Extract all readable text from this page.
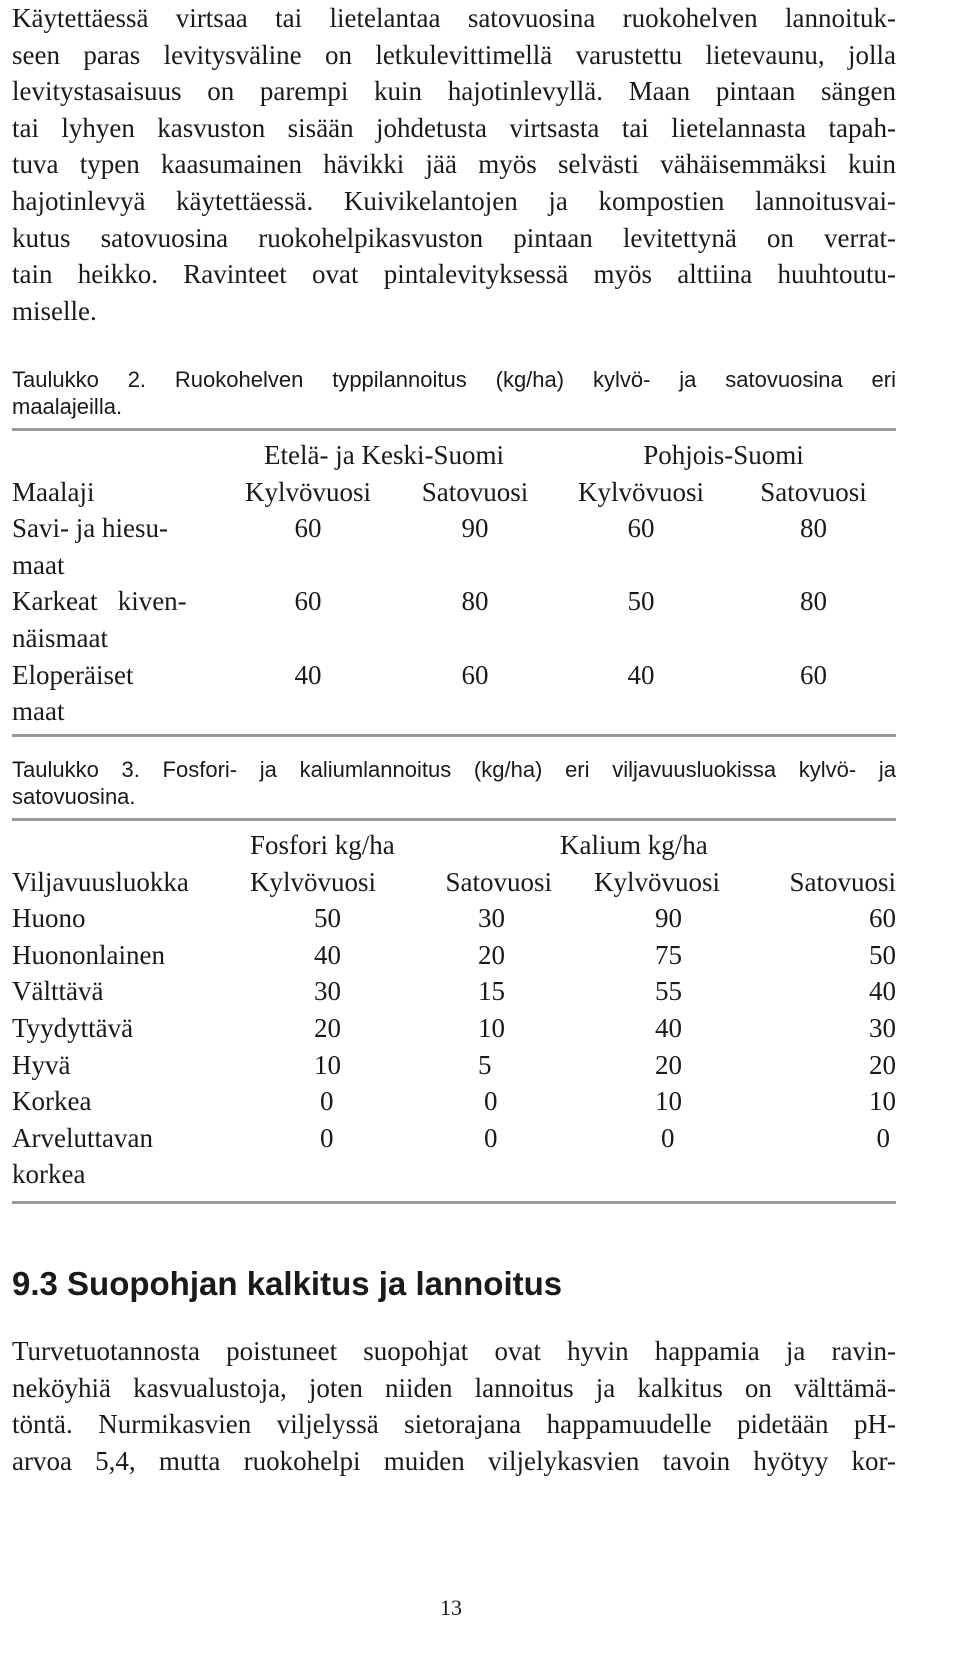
Käytettäessä virtsaa tai lietelantaa satovuosina ruokohelven lannoituk-
seen paras levitysväline on letkulevittimellä varustettu lietevaunu, jolla
levitystasaisuus on parempi kuin hajotinlevyllä. Maan pintaan sängen
tai lyhyen kasvuston sisään johdetusta virtsasta tai lietelannasta tapah-
tuva typen kaasumainen hävikki jää myös selvästi vähäisemmäksi kuin
hajotinlevyä käytettäessä. Kuivikelantojen ja kompostien lannoitusvai-
kutus satovuosina ruokohelpikasvuston pintaan levitettynä on verrat-
tain heikko. Ravinteet ovat pintalevityksessä myös alttiina huuhtoutu-
miselle.
Taulukko 2. Ruokohelven typpilannoitus (kg/ha) kylvö- ja satovuosina eri
maalajeilla.
	Etelä- ja Keski-Suomi		Pohjois-Suomi	
Maalaji	Kylvövuosi	Satovuosi	Kylvövuosi	Satovuosi
Savi- ja hiesu-
maat	60	90	60	80
Karkeat   kiven-
näismaat	60	80	50	80
Eloperäiset
maat	40	60	40	60
Taulukko 3. Fosfori- ja kaliumlannoitus (kg/ha) eri viljavuusluokissa kylvö- ja
satovuosina.
	Fosfori kg/ha		Kalium kg/ha	
Viljavuusluokka	Kylvövuosi	Satovuosi	Kylvövuosi	Satovuosi
Huono	50	30	90	60
Huononlainen	40	20	75	50
Välttävä	30	15	55	40
Tyydyttävä	20	10	40	30
Hyvä	10	5	20	20
Korkea	0	0	10	10
Arveluttavan
korkea	0	0	0	0
9.3 Suopohjan kalkitus ja lannoitus
Turvetuotannosta poistuneet suopohjat ovat hyvin happamia ja ravin-
neköyhiä kasvualustoja, joten niiden lannoitus ja kalkitus on välttämä-
töntä. Nurmikasvien viljelyssä sietorajana happamuudelle pidetään pH-
arvoa 5,4, mutta ruokohelpi muiden viljelykasvien tavoin hyötyy kor-
13
